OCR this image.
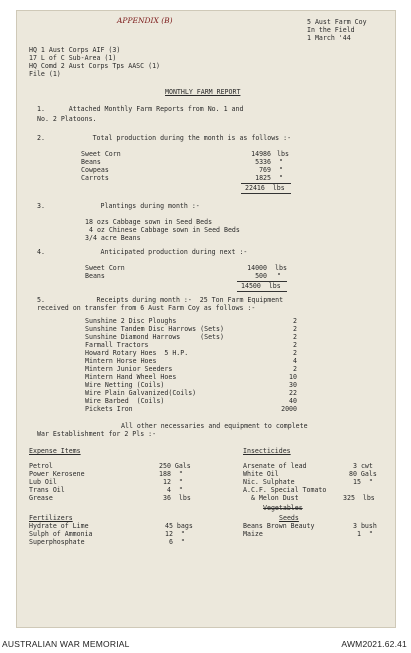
APPENDIX (B)	5 Aust Farm Coy
In the Field
1 March '44
HQ 1 Aust Corps AIF (3)
17 L of C Sub-Area (1)
HQ Comd 2 Aust Corps Tps AASC (1)
File (1)
MONTHLY FARM REPORT
1.      Attached Monthly Farm Reports from No. 1 and
No. 2 Platoons.
2.            Total production during the month is as follows :-
Sweet Corn	14986 lbs
Beans	5336 "
Cowpeas	769 "
Carrots	1825 "
22416  lbs
3.              Plantings during month :-
18 ozs Cabbage sown in Seed Beds
4 oz Chinese Cabbage sown in Seed Beds
3/4 acre Beans
4.              Anticipated production during next :-
Sweet Corn	14000 lbs
Beans	500 "
14500  lbs
5.             Receipts during month :-  25 Ton Farm Equipment
received on transfer from 6 Aust Farm Coy as follows :-
Sunshine 2 Disc Ploughs	2
Sunshine Tandem Disc Harrows (Sets)	2
Sunshine Diamond Harrows     (Sets)	2
Farmall Tractors	2
Howard Rotary Hoes  5 H.P.	2
Mintern Horse Hoes	4
Mintern Junior Seeders	2
Mintern Hand Wheel Hoes	10
Wire Netting (Coils)	30
Wire Plain Galvanized(Coils)	22
Wire Barbed  (Coils)	40
Pickets Iron	2000
All other necessaries and equipment to complete
War Establishment for 2 Pls :-
Expense Items
Petrol	250 Gals
Power Kerosene	188  "
Lub Oil	12  "
Trans Oil	4  "
Grease	36  lbs
Fertilizers
Hydrate of Lime	45 bags
Sulph of Ammonia	12  "
Superphosphate	6  "
Insecticides
Arsenate of lead	3 cwt
White Oil	80 Gals
Nic. Sulphate	15  "
A.C.F. Special Tomato
& Melon Dust	325  lbs
Vegetables
Seeds
Beans Brown Beauty	3 bush
Maize	1  "
AUSTRALIAN WAR MEMORIAL	AWM2021.62.41
